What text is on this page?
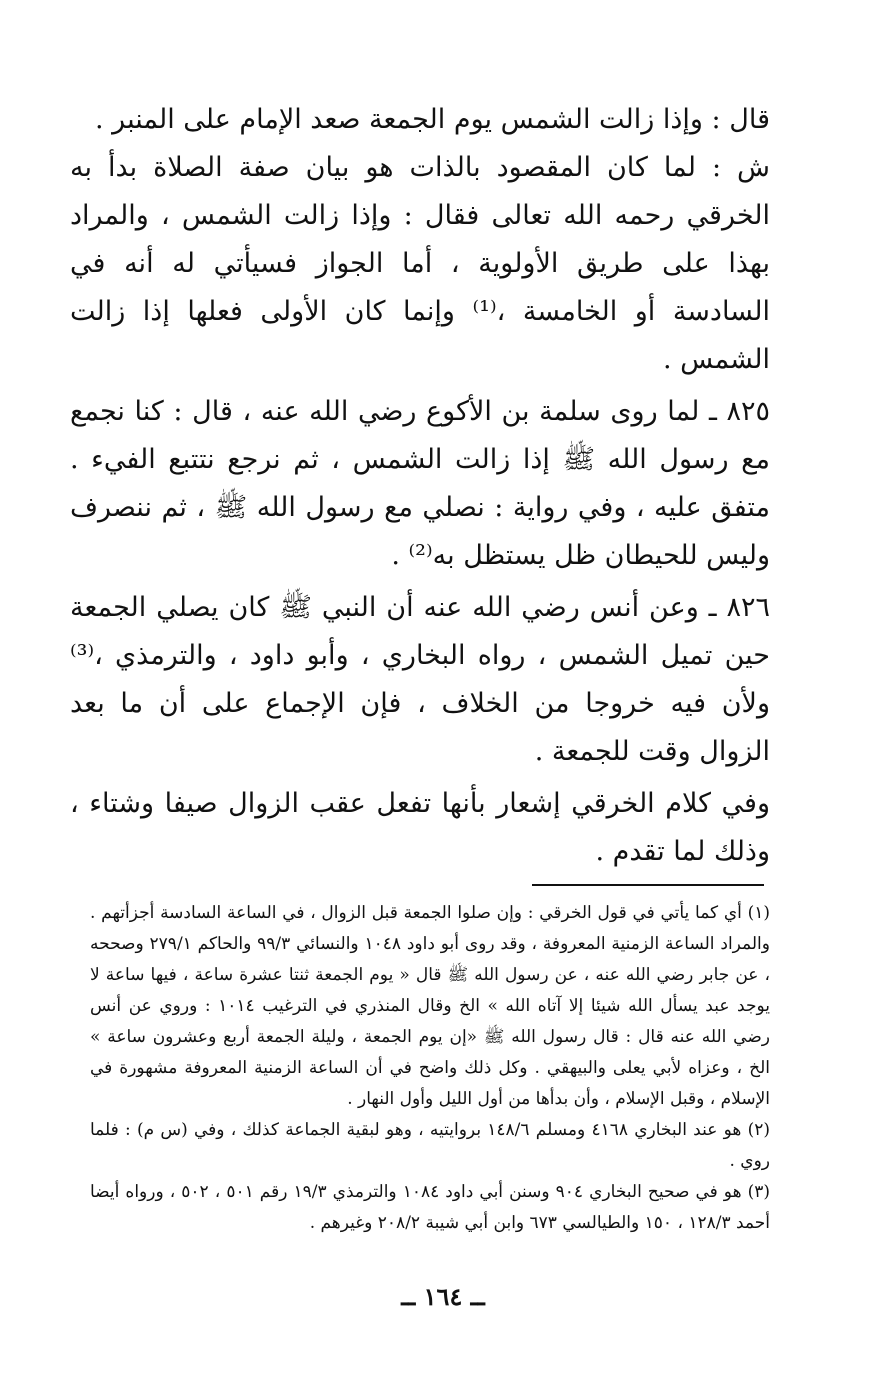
قال : وإذا زالت الشمس يوم الجمعة صعد الإمام على المنبر .

ش : لما كان المقصود بالذات هو بيان صفة الصلاة بدأ به الخرقي رحمه الله تعالى فقال : وإذا زالت الشمس ، والمراد بهذا على طريق الأولوية ، أما الجواز فسيأتي له أنه في السادسة أو الخامسة ،⁽¹⁾ وإنما كان الأولى فعلها إذا زالت الشمس .

٨٢٥ ـ لما روى سلمة بن الأكوع رضي الله عنه ، قال : كنا نجمع مع رسول الله ﷺ إذا زالت الشمس ، ثم نرجع نتتبع الفيء . متفق عليه ، وفي رواية : نصلي مع رسول الله ﷺ ، ثم ننصرف وليس للحيطان ظل يستظل به⁽²⁾ .

٨٢٦ ـ وعن أنس رضي الله عنه أن النبي ﷺ كان يصلي الجمعة حين تميل الشمس ، رواه البخاري ، وأبو داود ، والترمذي ،⁽³⁾ ولأن فيه خروجا من الخلاف ، فإن الإجماع على أن ما بعد الزوال وقت للجمعة .

وفي كلام الخرقي إشعار بأنها تفعل عقب الزوال صيفا وشتاء ، وذلك لما تقدم .

(١) أي كما يأتي في قول الخرقي : وإن صلوا الجمعة قبل الزوال ، في الساعة السادسة أجزأتهم . والمراد الساعة الزمنية المعروفة ، وقد روى أبو داود ١٠٤٨ والنسائي ٩٩/٣ والحاكم ٢٧٩/١ وصححه ، عن جابر رضي الله عنه ، عن رسول الله ﷺ قال « يوم الجمعة ثنتا عشرة ساعة ، فيها ساعة لا يوجد عبد يسأل الله شيئا إلا آتاه الله » الخ وقال المنذري في الترغيب ١٠١٤ : وروي عن أنس رضي الله عنه قال : قال رسول الله ﷺ «إن يوم الجمعة ، وليلة الجمعة أربع وعشرون ساعة » الخ ، وعزاه لأبي يعلى والبيهقي . وكل ذلك واضح في أن الساعة الزمنية المعروفة مشهورة في الإسلام ، وقبل الإسلام ، وأن بدأها من أول الليل وأول النهار .

(٢) هو عند البخاري ٤١٦٨ ومسلم ١٤٨/٦ بروايتيه ، وهو لبقية الجماعة كذلك ، وفي (س م) : فلما روي .

(٣) هو في صحيح البخاري ٩٠٤ وسنن أبي داود ١٠٨٤ والترمذي ١٩/٣ رقم ٥٠١ ، ٥٠٢ ، ورواه أيضا أحمد ١٢٨/٣ ، ١٥٠ والطيالسي ٦٧٣ وابن أبي شيبة ٢٠٨/٢ وغيرهم .

ــ ١٦٤ ــ
